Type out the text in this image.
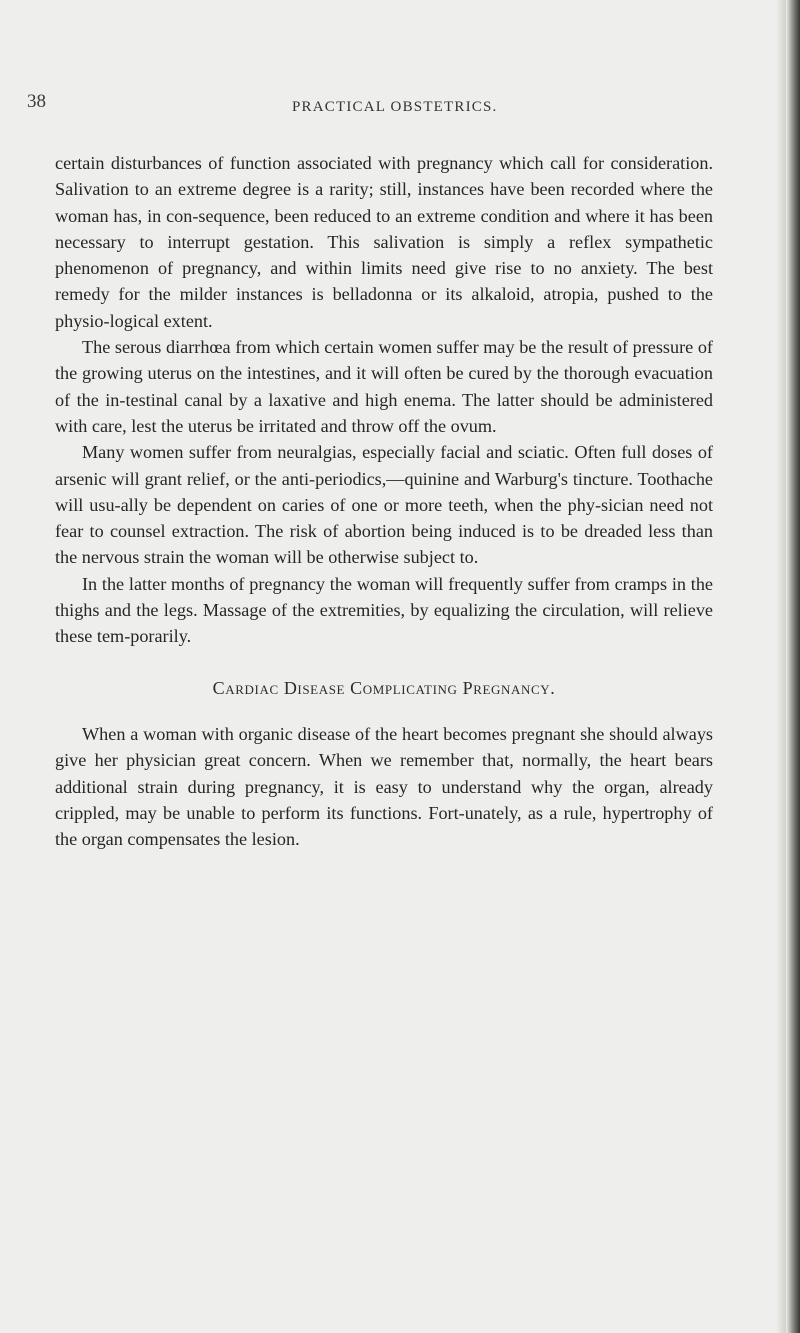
38	PRACTICAL OBSTETRICS.

certain disturbances of function associated with pregnancy which call for consideration. Salivation to an extreme degree is a rarity; still, instances have been recorded where the woman has, in con-sequence, been reduced to an extreme condition and where it has been necessary to interrupt gestation. This salivation is simply a reflex sympathetic phenomenon of pregnancy, and within limits need give rise to no anxiety. The best remedy for the milder instances is belladonna or its alkaloid, atropia, pushed to the physio-logical extent.

The serous diarrhœa from which certain women suffer may be the result of pressure of the growing uterus on the intestines, and it will often be cured by the thorough evacuation of the in-testinal canal by a laxative and high enema. The latter should be administered with care, lest the uterus be irritated and throw off the ovum.

Many women suffer from neuralgias, especially facial and sciatic. Often full doses of arsenic will grant relief, or the anti-periodics,—quinine and Warburg's tincture. Toothache will usu-ally be dependent on caries of one or more teeth, when the phy-sician need not fear to counsel extraction. The risk of abortion being induced is to be dreaded less than the nervous strain the woman will be otherwise subject to.

In the latter months of pregnancy the woman will frequently suffer from cramps in the thighs and the legs. Massage of the extremities, by equalizing the circulation, will relieve these tem-porarily.

Cardiac Disease Complicating Pregnancy.

When a woman with organic disease of the heart becomes pregnant she should always give her physician great concern. When we remember that, normally, the heart bears additional strain during pregnancy, it is easy to understand why the organ, already crippled, may be unable to perform its functions. Fort-unately, as a rule, hypertrophy of the organ compensates the lesion.
